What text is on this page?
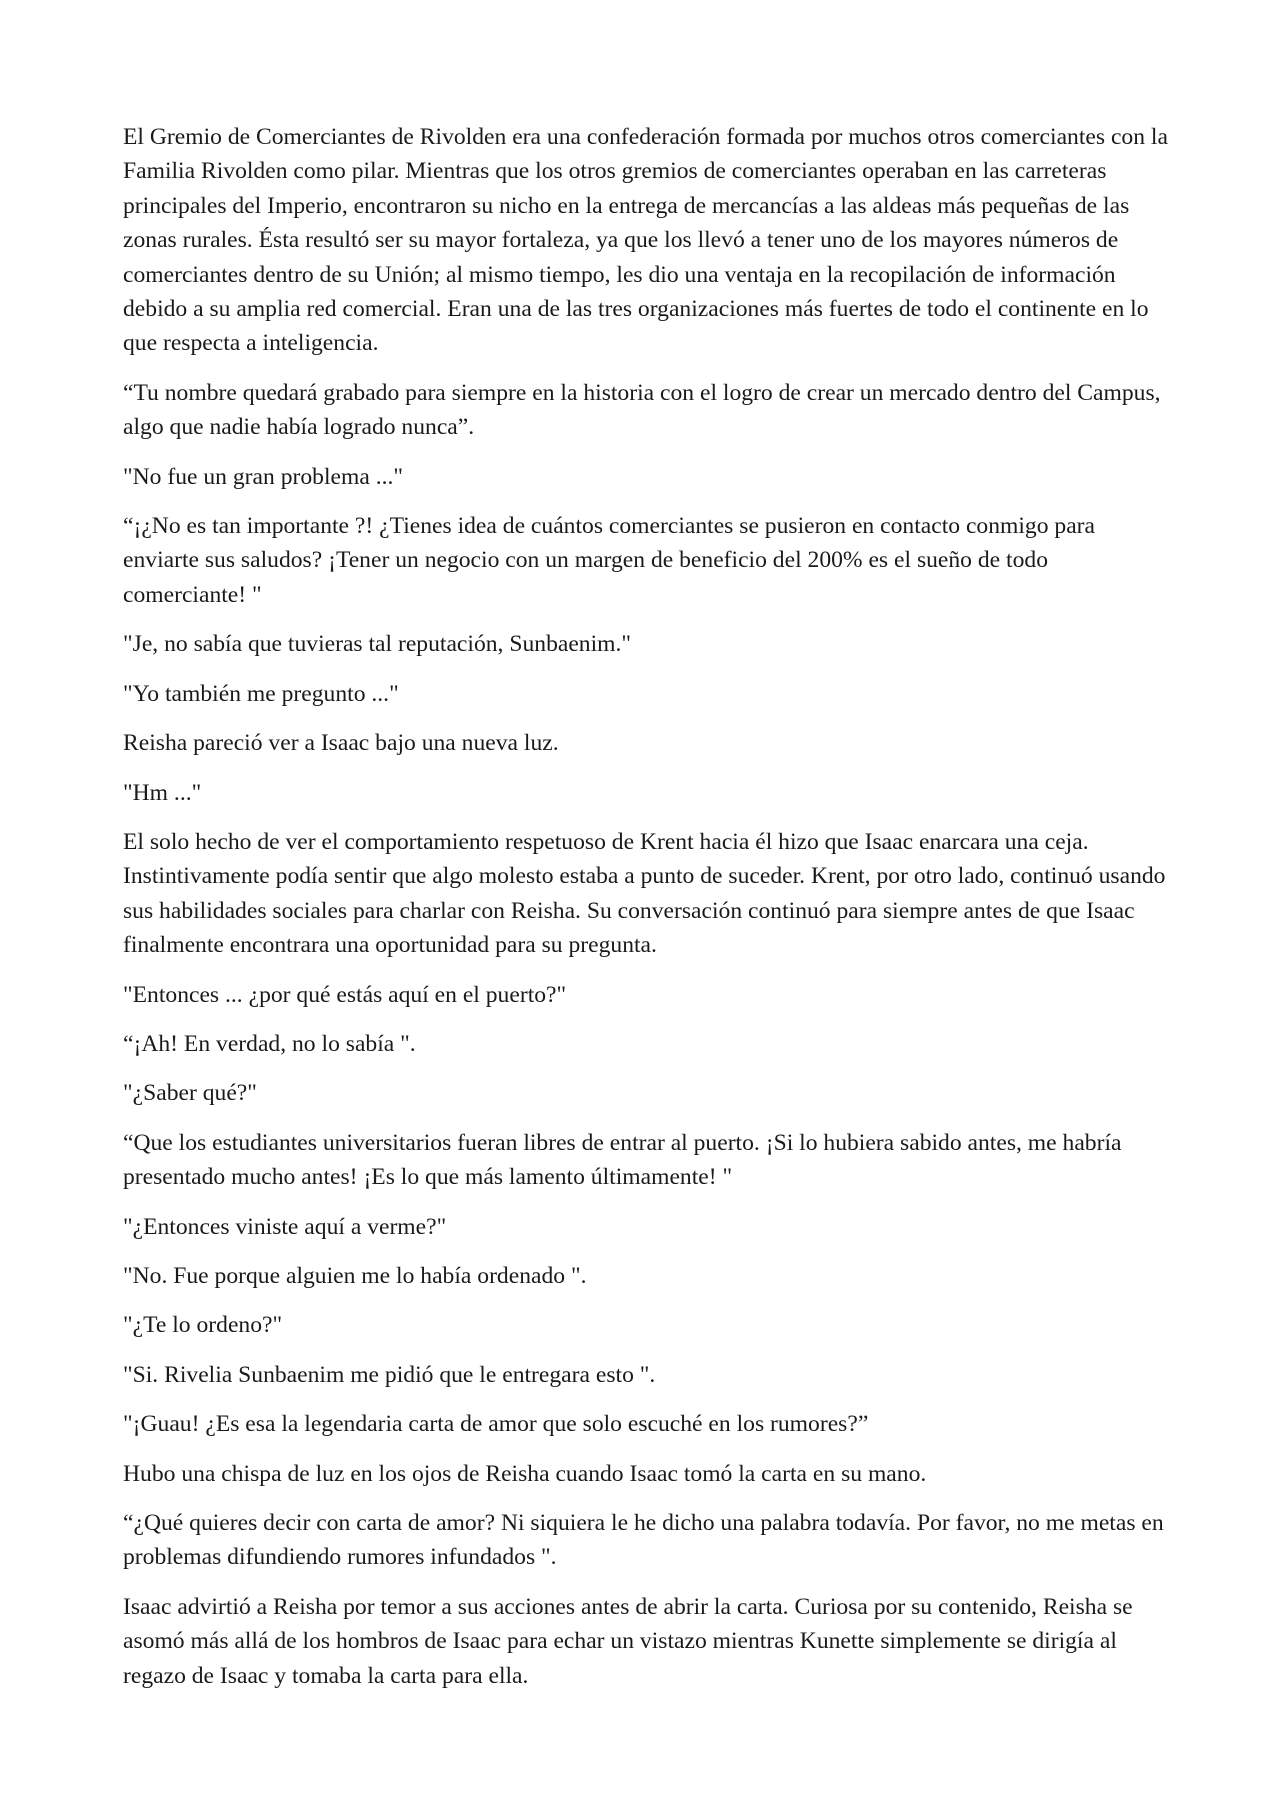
El Gremio de Comerciantes de Rivolden era una confederación formada por muchos otros comerciantes con la Familia Rivolden como pilar. Mientras que los otros gremios de comerciantes operaban en las carreteras principales del Imperio, encontraron su nicho en la entrega de mercancías a las aldeas más pequeñas de las zonas rurales. Ésta resultó ser su mayor fortaleza, ya que los llevó a tener uno de los mayores números de comerciantes dentro de su Unión; al mismo tiempo, les dio una ventaja en la recopilación de información debido a su amplia red comercial. Eran una de las tres organizaciones más fuertes de todo el continente en lo que respecta a inteligencia.

“Tu nombre quedará grabado para siempre en la historia con el logro de crear un mercado dentro del Campus, algo que nadie había logrado nunca”.

"No fue un gran problema ..."

“¡¿No es tan importante ?! ¿Tienes idea de cuántos comerciantes se pusieron en contacto conmigo para enviarte sus saludos? ¡Tener un negocio con un margen de beneficio del 200% es el sueño de todo comerciante! "

"Je, no sabía que tuvieras tal reputación, Sunbaenim."

"Yo también me pregunto ..."

Reisha pareció ver a Isaac bajo una nueva luz.

"Hm ..."

El solo hecho de ver el comportamiento respetuoso de Krent hacia él hizo que Isaac enarcara una ceja. Instintivamente podía sentir que algo molesto estaba a punto de suceder. Krent, por otro lado, continuó usando sus habilidades sociales para charlar con Reisha. Su conversación continuó para siempre antes de que Isaac finalmente encontrara una oportunidad para su pregunta.

"Entonces ... ¿por qué estás aquí en el puerto?"

“¡Ah! En verdad, no lo sabía ".

"¿Saber qué?"

“Que los estudiantes universitarios fueran libres de entrar al puerto. ¡Si lo hubiera sabido antes, me habría presentado mucho antes! ¡Es lo que más lamento últimamente! "

"¿Entonces viniste aquí a verme?"

"No. Fue porque alguien me lo había ordenado ".

"¿Te lo ordeno?"

"Si. Rivelia Sunbaenim me pidió que le entregara esto ".

"¡Guau! ¿Es esa la legendaria carta de amor que solo escuché en los rumores?”

Hubo una chispa de luz en los ojos de Reisha cuando Isaac tomó la carta en su mano.

“¿Qué quieres decir con carta de amor? Ni siquiera le he dicho una palabra todavía. Por favor, no me metas en problemas difundiendo rumores infundados ".

Isaac advirtió a Reisha por temor a sus acciones antes de abrir la carta. Curiosa por su contenido, Reisha se asomó más allá de los hombros de Isaac para echar un vistazo mientras Kunette simplemente se dirigía al regazo de Isaac y tomaba la carta para ella.
